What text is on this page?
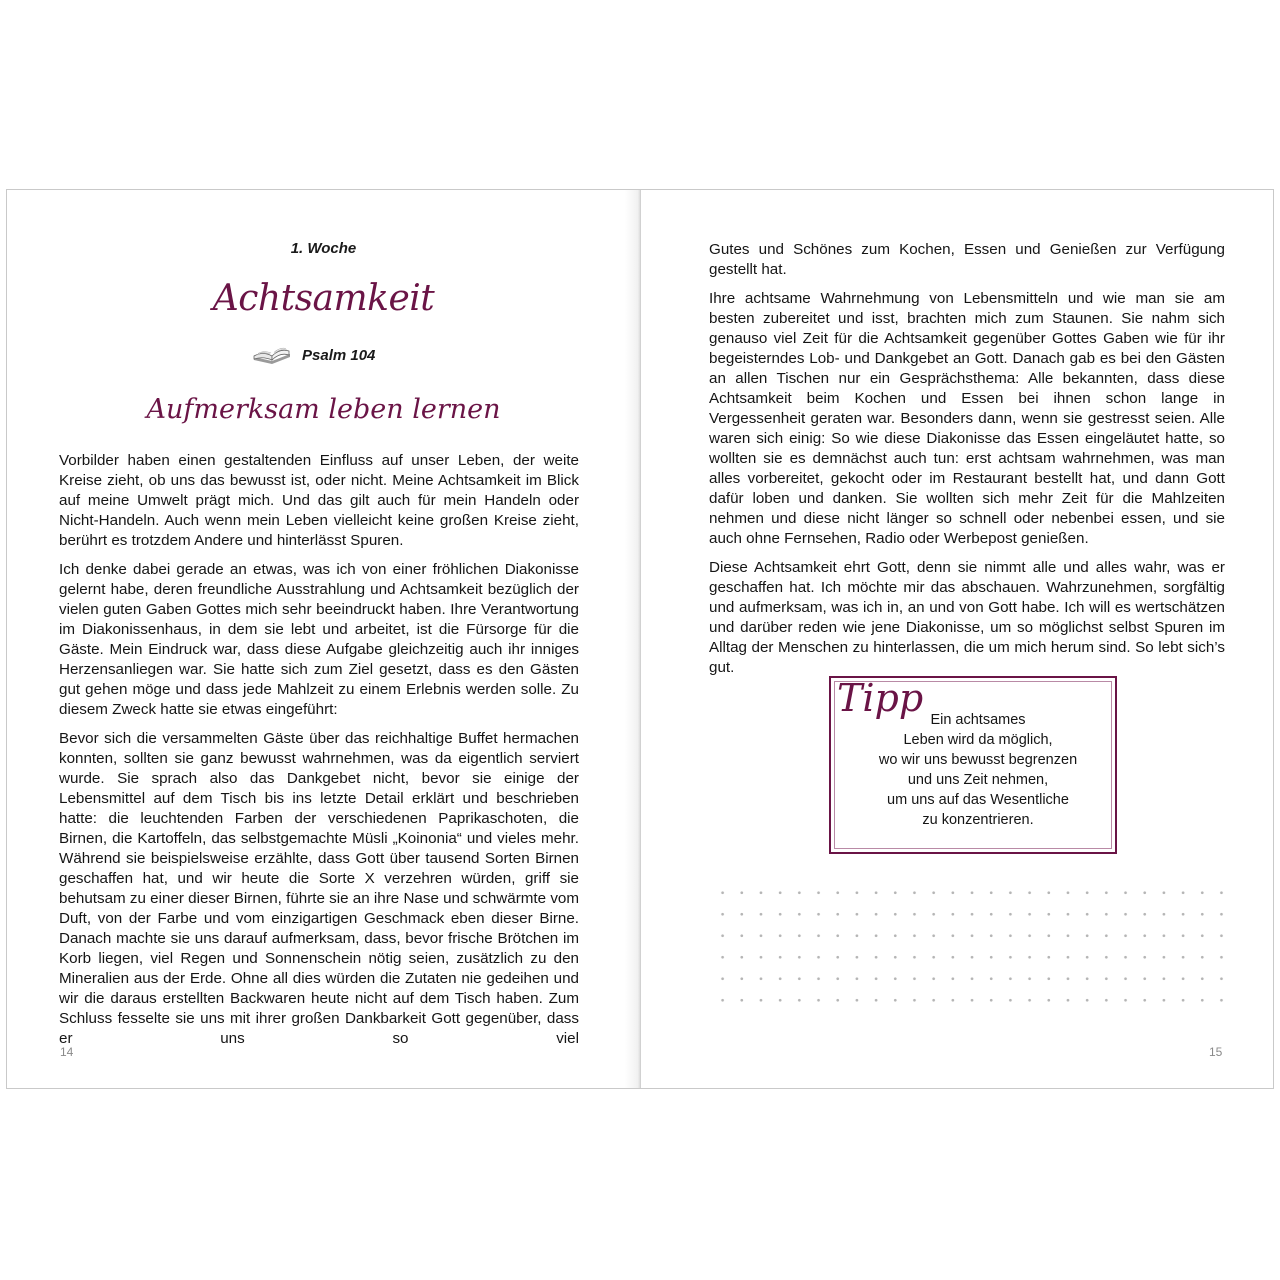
1. Woche
Achtsamkeit
Psalm 104
Aufmerksam leben lernen

Vorbilder haben einen gestaltenden Einfluss auf unser Leben, der weite Kreise zieht, ob uns das bewusst ist, oder nicht. Meine Achtsamkeit im Blick auf meine Umwelt prägt mich. Und das gilt auch für mein Handeln oder Nicht-Handeln. Auch wenn mein Leben vielleicht keine großen Kreise zieht, berührt es trotzdem Andere und hinterlässt Spuren.

Ich denke dabei gerade an etwas, was ich von einer fröhlichen Diakonisse gelernt habe, deren freundliche Ausstrahlung und Achtsamkeit bezüglich der vielen guten Gaben Gottes mich sehr beeindruckt haben. Ihre Verantwortung im Diakonissenhaus, in dem sie lebt und arbeitet, ist die Fürsorge für die Gäste. Mein Eindruck war, dass diese Aufgabe gleichzeitig auch ihr inniges Herzensanliegen war. Sie hatte sich zum Ziel gesetzt, dass es den Gästen gut gehen möge und dass jede Mahlzeit zu einem Erlebnis werden solle. Zu diesem Zweck hatte sie etwas eingeführt:

Bevor sich die versammelten Gäste über das reichhaltige Buffet hermachen konnten, sollten sie ganz bewusst wahrnehmen, was da eigentlich serviert wurde. Sie sprach also das Dankgebet nicht, bevor sie einige der Lebensmittel auf dem Tisch bis ins letzte Detail erklärt und beschrieben hatte: die leuchtenden Farben der verschiedenen Paprikaschoten, die Birnen, die Kartoffeln, das selbstgemachte Müsli „Koinonia“ und vieles mehr. Während sie beispielsweise erzählte, dass Gott über tausend Sorten Birnen geschaffen hat, und wir heute die Sorte X verzehren würden, griff sie behutsam zu einer dieser Birnen, führte sie an ihre Nase und schwärmte vom Duft, von der Farbe und vom einzigartigen Geschmack eben dieser Birne. Danach machte sie uns darauf aufmerksam, dass, bevor frische Brötchen im Korb liegen, viel Regen und Sonnenschein nötig seien, zusätzlich zu den Mineralien aus der Erde. Ohne all dies würden die Zutaten nie gedeihen und wir die daraus erstellten Backwaren heute nicht auf dem Tisch haben. Zum Schluss fesselte sie uns mit ihrer großen Dankbarkeit Gott gegenüber, dass er uns so viel

14

Gutes und Schönes zum Kochen, Essen und Genießen zur Verfügung gestellt hat.

Ihre achtsame Wahrnehmung von Lebensmitteln und wie man sie am besten zubereitet und isst, brachten mich zum Staunen. Sie nahm sich genauso viel Zeit für die Achtsamkeit gegenüber Gottes Gaben wie für ihr begeisterndes Lob- und Dankgebet an Gott. Danach gab es bei den Gästen an allen Tischen nur ein Gesprächsthema: Alle bekannten, dass diese Achtsamkeit beim Kochen und Essen bei ihnen schon lange in Vergessenheit geraten war. Besonders dann, wenn sie gestresst seien. Alle waren sich einig: So wie diese Diakonisse das Essen eingeläutet hatte, so wollten sie es demnächst auch tun: erst achtsam wahrnehmen, was man alles vorbereitet, gekocht oder im Restaurant bestellt hat, und dann Gott dafür loben und danken. Sie wollten sich mehr Zeit für die Mahlzeiten nehmen und diese nicht länger so schnell oder nebenbei essen, und sie auch ohne Fernsehen, Radio oder Werbepost genießen.

Diese Achtsamkeit ehrt Gott, denn sie nimmt alle und alles wahr, was er geschaffen hat. Ich möchte mir das abschauen. Wahrzunehmen, sorgfältig und aufmerksam, was ich in, an und von Gott habe. Ich will es wertschätzen und darüber reden wie jene Diakonisse, um so möglichst selbst Spuren im Alltag der Menschen zu hinterlassen, die um mich herum sind. So lebt sich’s gut.

Tipp Ein achtsames
Leben wird da möglich,
wo wir uns bewusst begrenzen
und uns Zeit nehmen,
um uns auf das Wesentliche
zu konzentrieren.
15
